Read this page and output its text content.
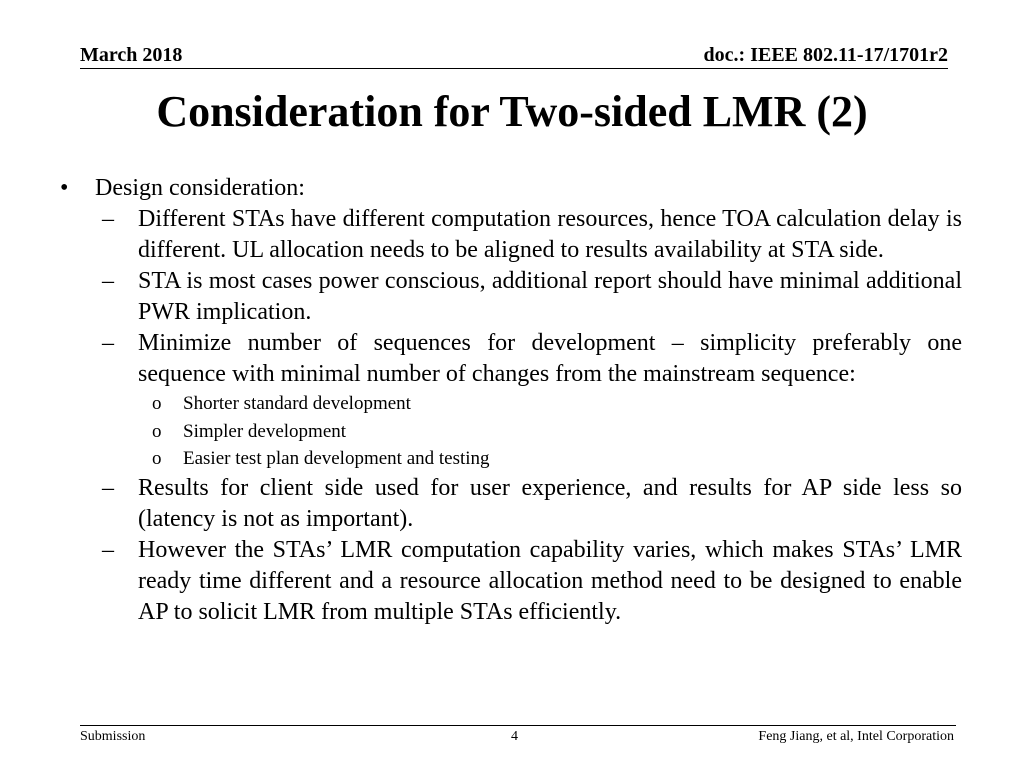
March 2018	doc.: IEEE 802.11-17/1701r2
Consideration for Two-sided LMR (2)
• Design consideration:
– Different STAs have different computation resources, hence TOA calculation delay is different. UL allocation needs to be aligned to results availability at STA side.
– STA is most cases power conscious, additional report should have minimal additional PWR implication.
– Minimize number of sequences for development – simplicity preferably one sequence with minimal number of changes from the mainstream sequence:
o Shorter standard development
o Simpler development
o Easier test plan development and testing
– Results for client side used for user experience, and results for AP side less so (latency is not as important).
– However the STAs’ LMR computation capability varies, which makes STAs’ LMR ready time different and a resource allocation method need to be designed to enable AP to solicit LMR from multiple STAs efficiently.
Submission	4	Feng Jiang, et al, Intel Corporation
